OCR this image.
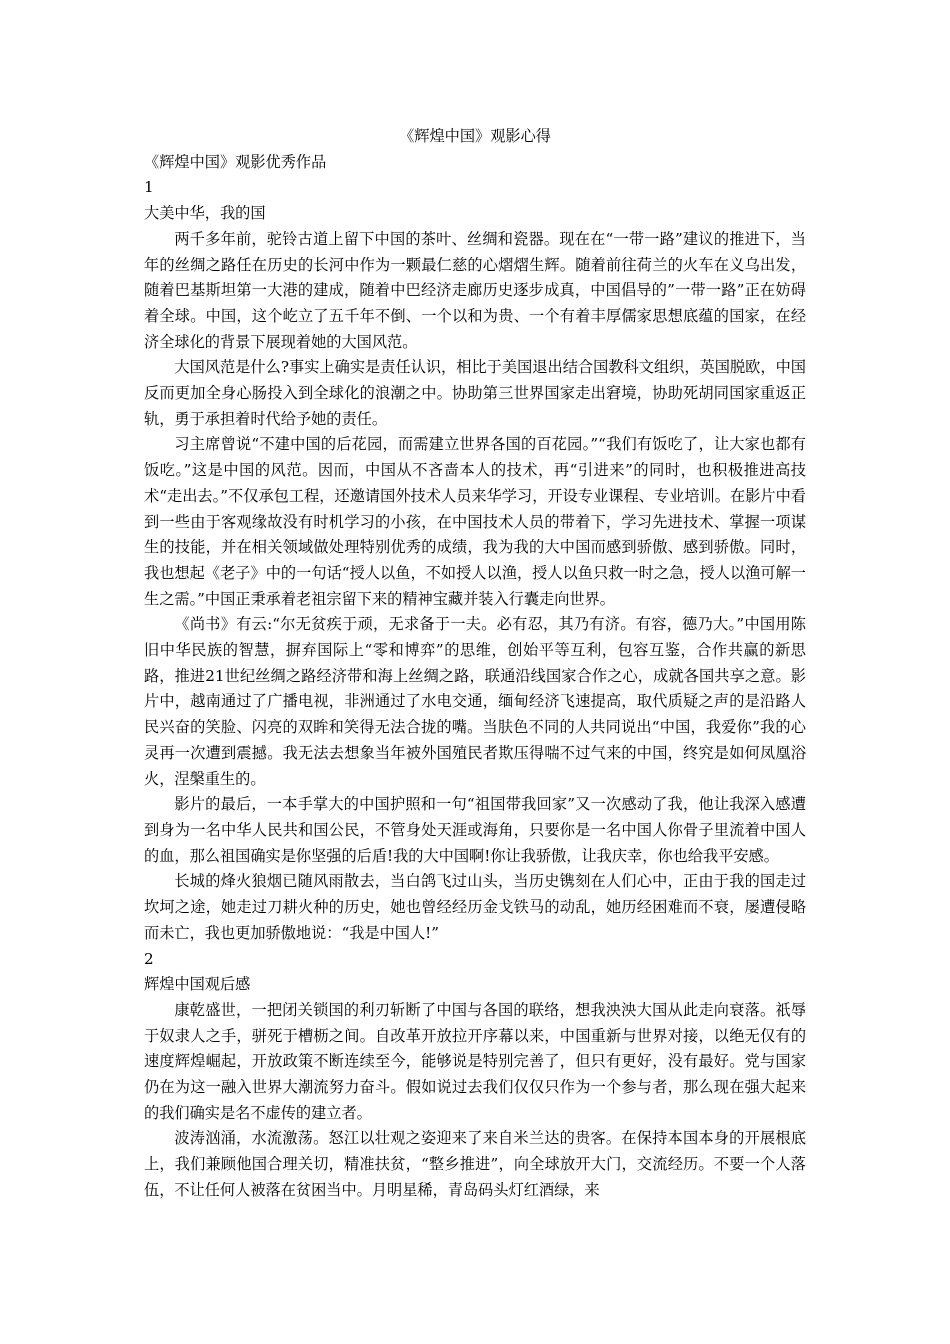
《辉煌中国》观影心得

《辉煌中国》观影优秀作品

1

大美中华，我的国

两千多年前，驼铃古道上留下中国的茶叶、丝绸和瓷器。现在在“一带一路”建议的推进下，当年的丝绸之路任在历史的长河中作为一颗最仁慈的心熠熠生辉。随着前往荷兰的火车在义乌出发，随着巴基斯坦第一大港的建成，随着中巴经济走廊历史逐步成真，中国倡导的”一带一路”正在妨碍着全球。中国，这个屹立了五千年不倒、一个以和为贵、一个有着丰厚儒家思想底蕴的国家，在经济全球化的背景下展现着她的大国风范。

大国风范是什么?事实上确实是责任认识，相比于美国退出结合国教科文组织，英国脱欧，中国反而更加全身心肠投入到全球化的浪潮之中。协助第三世界国家走出窘境，协助死胡同国家重返正轨，勇于承担着时代给予她的责任。

习主席曾说“不建中国的后花园，而需建立世界各国的百花园。”“我们有饭吃了，让大家也都有饭吃。”这是中国的风范。因而，中国从不吝啬本人的技术，再“引进来”的同时，也积极推进高技术“走出去。”不仅承包工程，还邀请国外技术人员来华学习，开设专业课程、专业培训。在影片中看到一些由于客观缘故没有时机学习的小孩，在中国技术人员的带着下，学习先进技术、掌握一项谋生的技能，并在相关领域做处理特别优秀的成绩，我为我的大中国而感到骄傲、感到骄傲。同时，我也想起《老子》中的一句话“授人以鱼，不如授人以渔，授人以鱼只救一时之急，授人以渔可解一生之需。”中国正秉承着老祖宗留下来的精神宝藏并装入行囊走向世界。

《尚书》有云:“尔无贫疾于顽，无求备于一夫。必有忍，其乃有济。有容，德乃大。”中国用陈旧中华民族的智慧，摒弃国际上“零和博弈”的思维，创始平等互利，包容互鉴，合作共赢的新思路，推进21世纪丝绸之路经济带和海上丝绸之路，联通沿线国家合作之心，成就各国共享之意。影片中，越南通过了广播电视，非洲通过了水电交通，缅甸经济飞速提高，取代质疑之声的是沿路人民兴奋的笑脸、闪亮的双眸和笑得无法合拢的嘴。当肤色不同的人共同说出“中国，我爱你”我的心灵再一次遭到震撼。我无法去想象当年被外国殖民者欺压得喘不过气来的中国，终究是如何凤凰浴火，涅槃重生的。

影片的最后，一本手掌大的中国护照和一句“祖国带我回家”又一次感动了我，他让我深入感遭到身为一名中华人民共和国公民，不管身处天涯或海角，只要你是一名中国人你骨子里流着中国人的血，那么祖国确实是你坚强的后盾!我的大中国啊!你让我骄傲，让我庆幸，你也给我平安感。

长城的烽火狼烟已随风雨散去，当白鸽飞过山头，当历史镌刻在人们心中，正由于我的国走过坎坷之途，她走过刀耕火种的历史，她也曾经经历金戈铁马的动乱，她历经困难而不衰，屡遭侵略而未亡，我也更加骄傲地说：“我是中国人!”

2

辉煌中国观后感

康乾盛世，一把闭关锁国的利刃斩断了中国与各国的联络，想我泱泱大国从此走向衰落。祇辱于奴隶人之手，骈死于槽枥之间。自改革开放拉开序幕以来，中国重新与世界对接，以绝无仅有的速度辉煌崛起，开放政策不断连续至今，能够说是特别完善了，但只有更好，没有最好。党与国家仍在为这一融入世界大潮流努力奋斗。假如说过去我们仅仅只作为一个参与者，那么现在强大起来的我们确实是名不虚传的建立者。

波涛汹涌，水流激荡。怒江以壮观之姿迎来了来自米兰达的贵客。在保持本国本身的开展根底上，我们兼顾他国合理关切，精准扶贫，“整乡推进”，向全球放开大门，交流经历。不要一个人落伍，不让任何人被落在贫困当中。月明星稀，青岛码头灯红酒绿，来
